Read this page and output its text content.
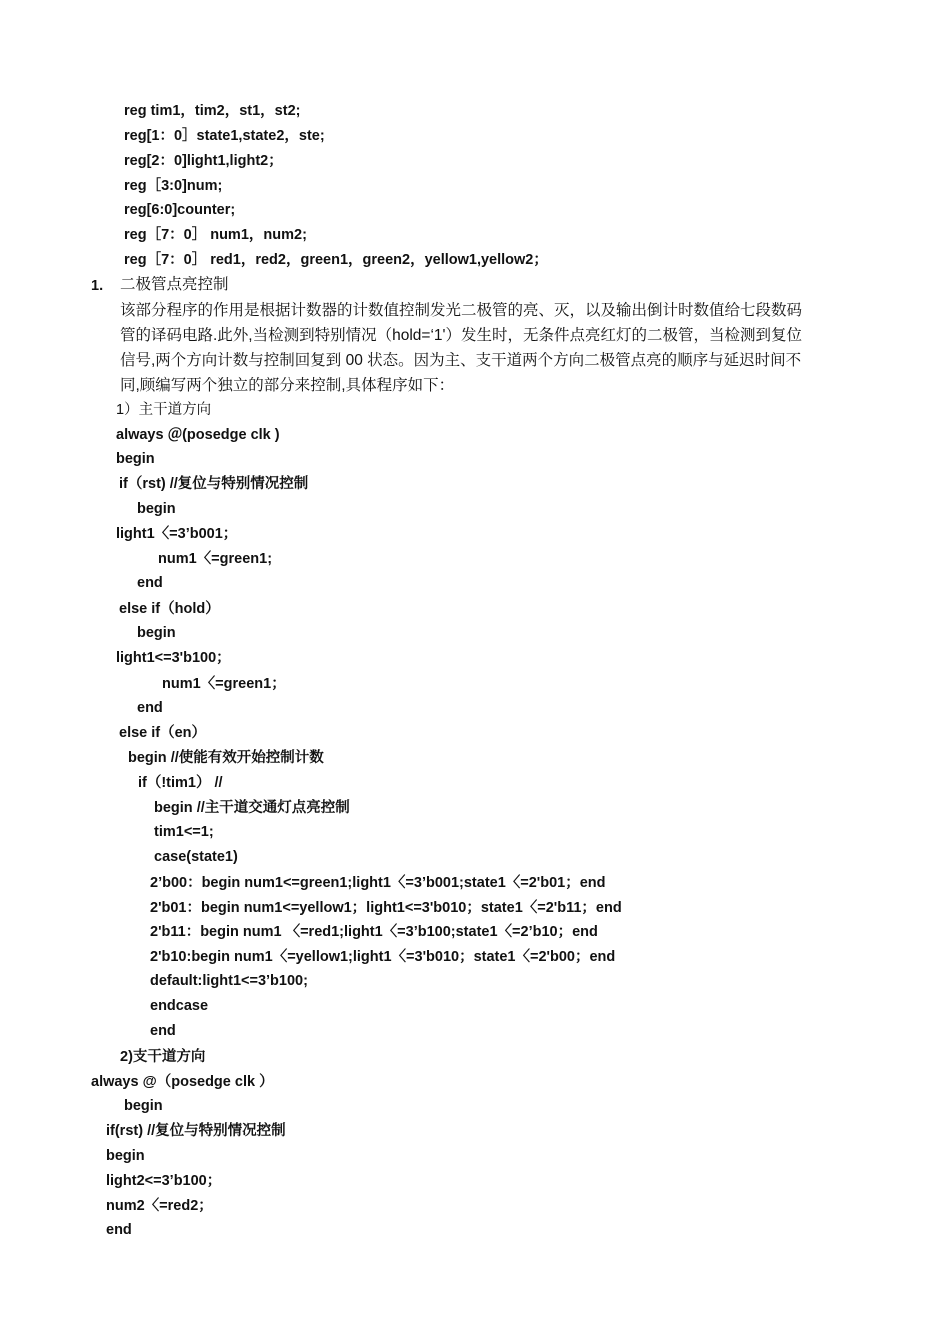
reg tim1，tim2，st1，st2;
reg[1：0］state1,state2，ste;
reg[2：0]light1,light2；
reg［3:0]num;
reg[6:0]counter;
reg［7：0］ num1，num2;
reg［7：0］ red1，red2，green1，green2，yellow1,yellow2；
1. 二极管点亮控制
该部分程序的作用是根据计数器的计数值控制发光二极管的亮、灭，以及输出倒计时数值给七段数码
管的译码电路.此外,当检测到特别情况（hold=‘1'）发生时，无条件点亮红灯的二极管，当检测到复位
信号,两个方向计数与控制回复到 00 状态。因为主、支干道两个方向二极管点亮的顺序与延迟时间不
同,顾编写两个独立的部分来控制,具体程序如下：
1）主干道方向
always ＠(posedge clk )
begin
if（rst) //复位与特别情况控制
begin
light1〈=3’b001；
num1〈=green1;
end
else if（hold）
begin
light1<=3'b100；
num1〈=green1；
end
else if（en）
begin //使能有效开始控制计数
if（!tim1） //
begin //主干道交通灯点亮控制
tim1<=1;
case(state1)
2’b00：begin num1<=green1;light1〈=3’b001;state1〈=2'b01；end
2'b01：begin num1<=yellow1；light1<=3'b010；state1〈=2'b11；end
2'b11：begin num1 〈=red1;light1〈=3’b100;state1〈=2’b10；end
2'b10:begin num1〈=yellow1;light1〈=3'b010；state1〈=2'b00；end
default:light1<=3’b100;
endcase
end
2)支干道方向
always @（posedge clk ）
begin
if(rst) //复位与特别情况控制
begin
light2<=3’b100；
num2〈=red2；
end
